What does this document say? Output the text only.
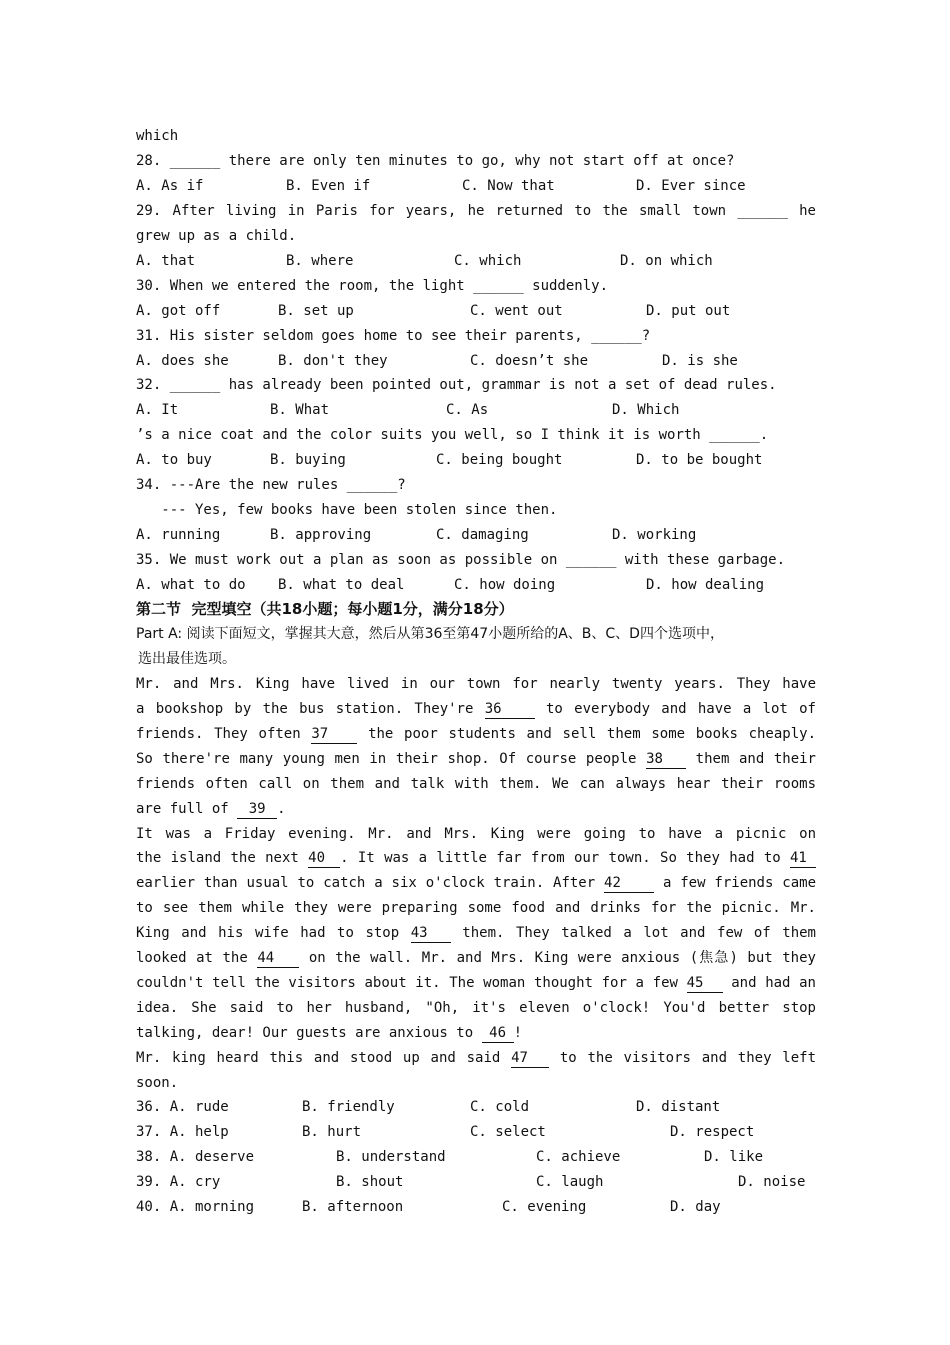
which
28. ______ there are only ten minutes to go, why not start off at once?

A. As if

	B. Even if

	C. Now that

	D. Ever since

29. After living in Paris for years, he returned to the small town ______ he
grew up as a child.

A. that

	B. where

	C. which

	D. on which

30. When we entered the room, the light ______ suddenly.

A. got off

	B. set up

	C. went out

	D. put out

31. His sister seldom goes home to see their parents, ______?

A. does she

	B. don't they

	C. doesn’t she

	D. is she

32. ______ has already been pointed out, grammar is not a set of dead rules.

A. It

	B. What

	C. As

	D. Which

’s a nice coat and the color suits you well, so I think it is worth ______.

A. to buy

	B. buying

	C. being bought

	D. to be bought

34. ---Are the new rules ______?
--- Yes, few books have been stolen since then.

A. running

	B. approving

	C. damaging

	D. working

35. We must work out a plan as soon as possible on ______ with these garbage.

A. what to do

B. what to deal

	C. how doing

	D. how dealing

第二节  完型填空（共18小题；每小题1分，满分18分）
Part A: 阅读下面短文，掌握其大意，然后从第36至第47小题所给的A、B、C、D四个选项中，
选出最佳选项。
Mr. and Mrs. King have lived in our town for nearly twenty years. They have
a bookshop by the bus station. They're 36	to everybody and have a lot of
friends. They often 37	the poor students and sell them some books cheaply.
So there're many young men in their shop. Of course people 38 them and their
friends often call on them and talk with them. We can always hear their rooms
are full of 39 .
It was a Friday evening. Mr. and Mrs. King were going to have a picnic on
the island the next 40 . It was a little far from our town. So they had to 41
earlier than usual to catch a six o'clock train. After 42	a few friends came
to see them while they were preparing some food and drinks for the picnic. Mr.
King and his wife had to stop 43 them. They talked a lot and few of them
looked at the 44 on the wall. Mr. and Mrs. King were anxious (焦急) but they
couldn't tell the visitors about it. The woman thought for a few 45 and had an
idea. She said to her husband, "Oh, it's eleven o'clock! You'd better stop
talking, dear! Our guests are anxious to 46 !
Mr. king heard this and stood up and said 47 to the visitors and they left
soon.

36. A. rude

	B. friendly

	C. cold

	D. distant

37. A. help

	B. hurt

	C. select

	D. respect

38. A. deserve

	B. understand

	C. achieve

	D. like

39. A. cry

	B. shout

	C. laugh

	D. noise

40. A. morning

	B. afternoon

	C. evening

	D. day
